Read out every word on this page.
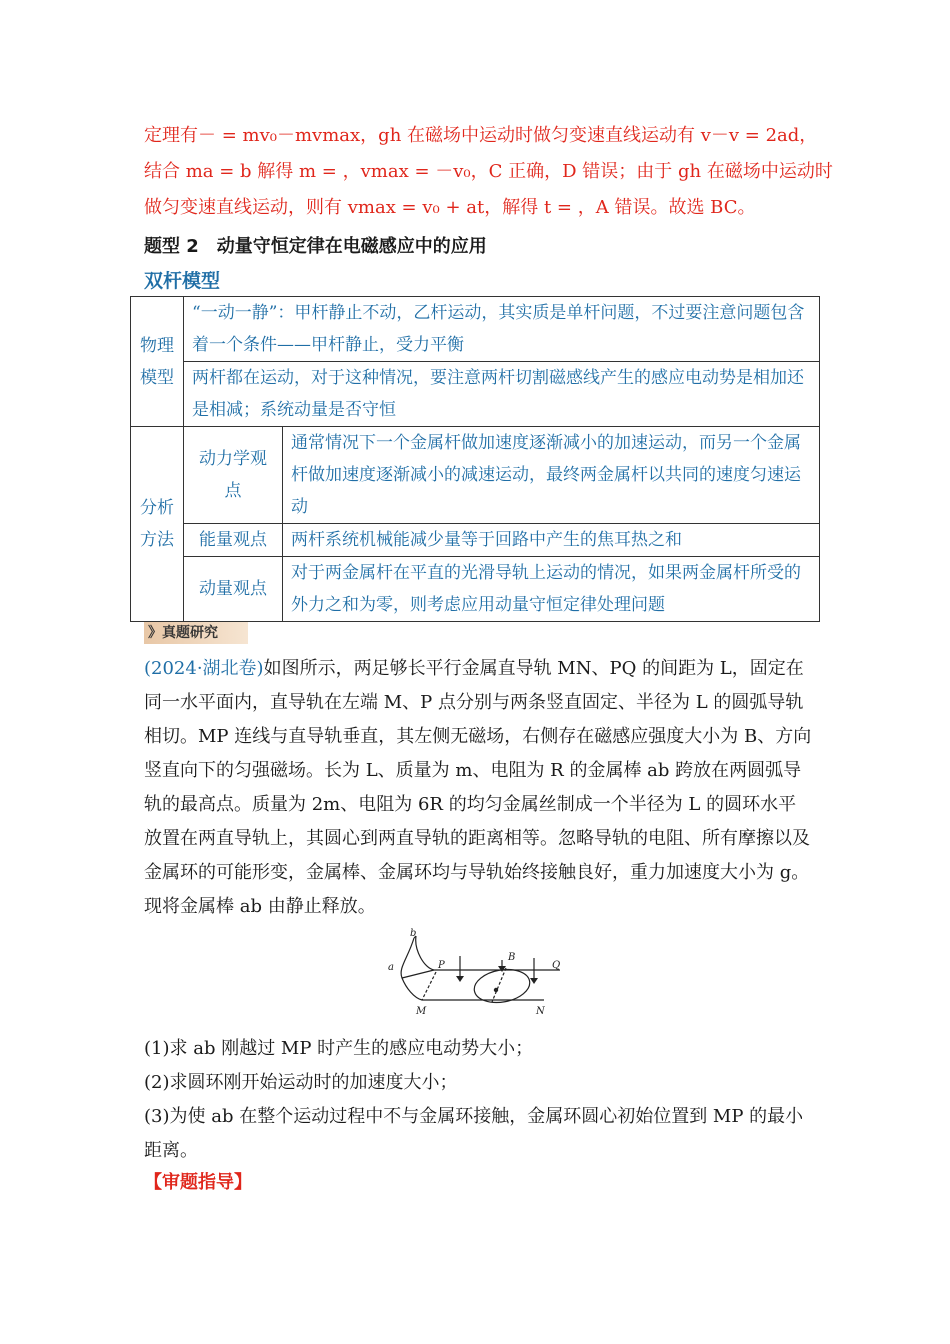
定理有－ = mv₀－mvmax，gh 在磁场中运动时做匀变速直线运动有 v－v = 2ad，
结合 ma = b 解得 m = ，vmax = －v₀，C 正确，D 错误；由于 gh 在磁场中运动时
做匀变速直线运动，则有 vmax = v₀ + at，解得 t = ，A 错误。故选 BC。
题型 2　动量守恒定律在电磁感应中的应用
双杆模型
物理模型	“一动一静”：甲杆静止不动，乙杆运动，其实质是单杆问题，不过要注意问题包含着一个条件——甲杆静止，受力平衡	
	两杆都在运动，对于这种情况，要注意两杆切割磁感线产生的感应电动势是相加还是相减；系统动量是否守恒	
分析方法	动力学观点	通常情况下一个金属杆做加速度逐渐减小的加速运动，而另一个金属杆做加速度逐渐减小的减速运动，最终两金属杆以共同的速度匀速运动
	能量观点	两杆系统机械能减少量等于回路中产生的焦耳热之和
	动量观点	对于两金属杆在平直的光滑导轨上运动的情况，如果两金属杆所受的外力之和为零，则考虑应用动量守恒定律处理问题
》真题研究
(2024·湖北卷)如图所示，两足够长平行金属直导轨 MN、PQ 的间距为 L，固定在同一水平面内，直导轨在左端 M、P 点分别与两条竖直固定、半径为 L 的圆弧导轨相切。MP 连线与直导轨垂直，其左侧无磁场，右侧存在磁感应强度大小为 B、方向竖直向下的匀强磁场。长为 L、质量为 m、电阻为 R 的金属棒 ab 跨放在两圆弧导轨的最高点。质量为 2m、电阻为 6R 的均匀金属丝制成一个半径为 L 的圆环水平放置在两直导轨上，其圆心到两直导轨的距离相等。忽略导轨的电阻、所有摩擦以及金属环的可能形变，金属棒、金属环均与导轨始终接触良好，重力加速度大小为 g。现将金属棒 ab 由静止释放。
b
a	P
M
B
Q
N
(1)求 ab 刚越过 MP 时产生的感应电动势大小；
(2)求圆环刚开始运动时的加速度大小；
(3)为使 ab 在整个运动过程中不与金属环接触，金属环圆心初始位置到 MP 的最小距离。
【审题指导】
